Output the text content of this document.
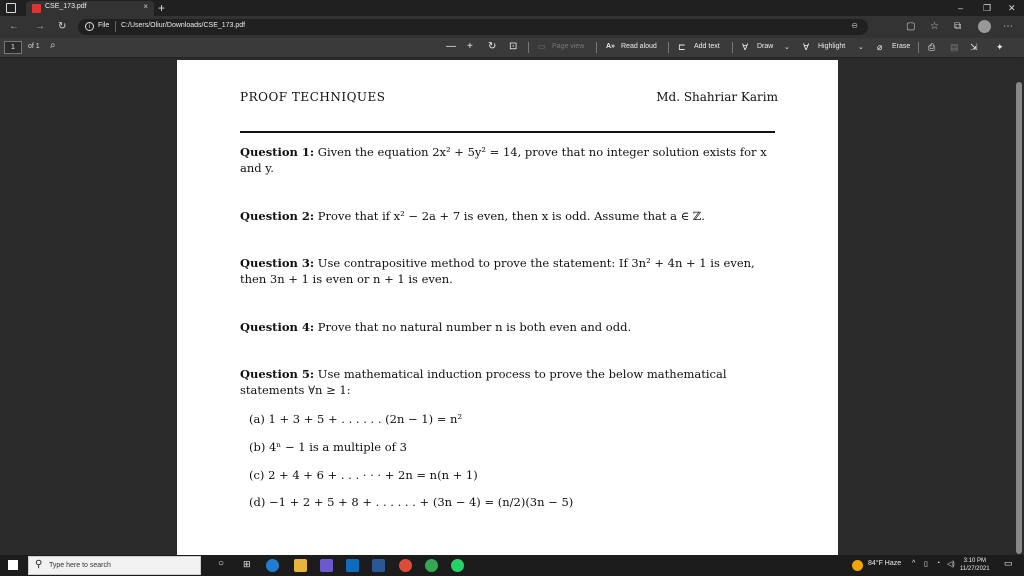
CSE_173.pdf	× +	– ❐ ✕
← → ↻	i	File C:/Users/Oliur/Downloads/CSE_173.pdf	⊖	▢ ☆ ⧉	⋯
1	of 1 ⌕	— + ↻ ⊡	▭ Page view	A» Read aloud ⊏ Add text ∀ Draw ⌄ ∀ Highlight ⌄ ⌀ Erase ⎙ ▤ ⇲ ✦
PROOF TECHNIQUES	Md. Shahriar Karim
Question 1: Given the equation 2x² + 5y² = 14, prove that no integer solution exists for x and y.
Question 2: Prove that if x² − 2a + 7 is even, then x is odd. Assume that a ∈ ℤ.
Question 3: Use contrapositive method to prove the statement: If 3n² + 4n + 1 is even, then 3n + 1 is even or n + 1 is even.
Question 4: Prove that no natural number n is both even and odd.
Question 5: Use mathematical induction process to prove the below mathematical statements ∀n ≥ 1:
(a) 1 + 3 + 5 + . . . . . . (2n − 1) = n²
(b) 4ⁿ − 1 is a multiple of 3
(c) 2 + 4 + 6 + . . . · · · + 2n = n(n + 1)
(d) −1 + 2 + 5 + 8 + . . . . . . + (3n − 4) = (n/2)(3n − 5)
⚲ Type here to search	○ ⊞	84°F Haze ^ ▯ ◔ ◁)	3:10 PM
11/27/2021
▭
